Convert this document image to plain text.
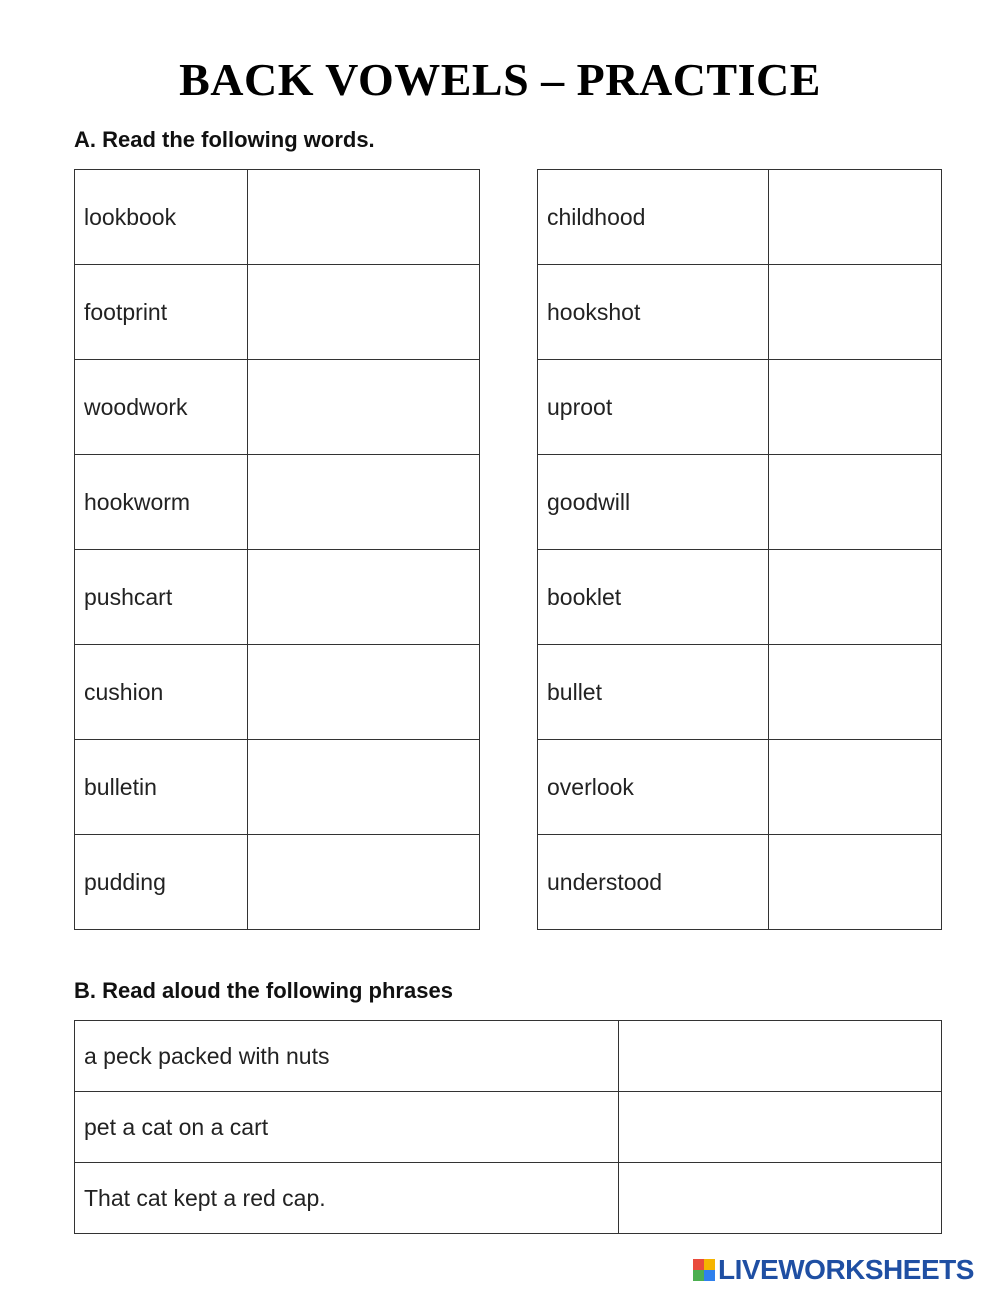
BACK VOWELS – PRACTICE
A. Read the following words.
lookbook	
footprint	
woodwork	
hookworm	
pushcart	
cushion	
bulletin	
pudding	
childhood	
hookshot	
uproot	
goodwill	
booklet	
bullet	
overlook	
understood	
B. Read aloud the following phrases
a peck packed with nuts	
pet a cat on a cart	
That cat kept a red cap.	
LIVEWORKSHEETS
